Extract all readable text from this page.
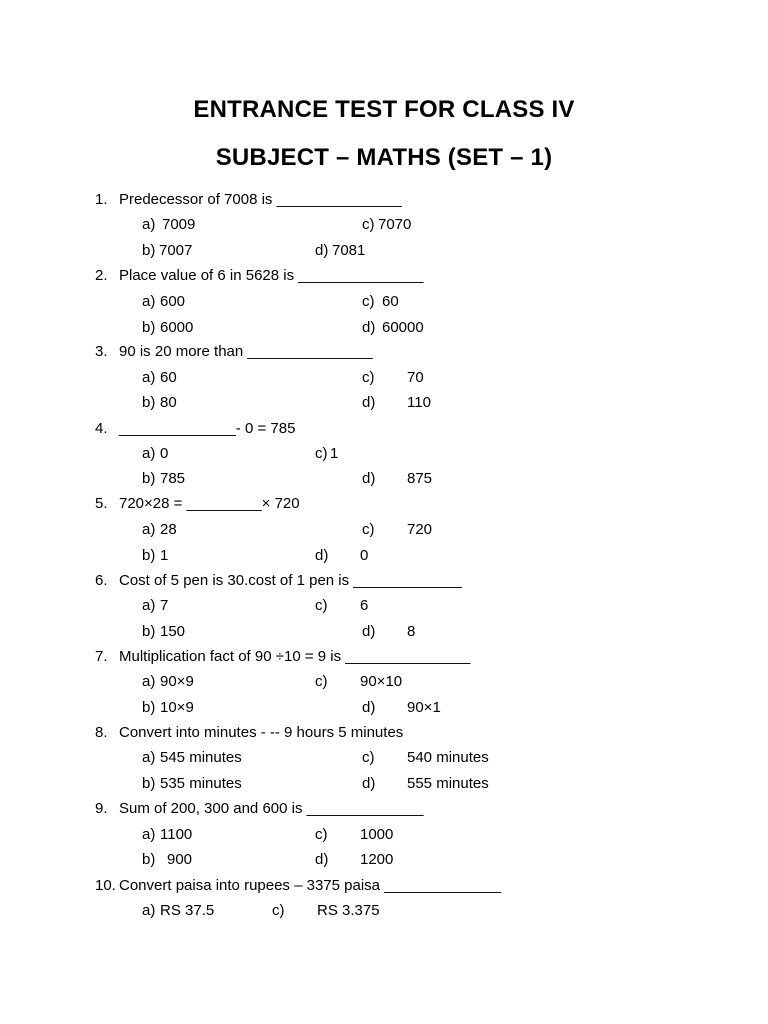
ENTRANCE TEST FOR CLASS IV
SUBJECT – MATHS (SET – 1)
1. Predecessor of 7008 is _______________
a) 7009	c) 7070
b) 7007	d) 7081
2. Place value of 6 in 5628 is _______________
a) 600	c) 60
b) 6000	d) 60000
3. 90 is 20 more than _______________
a) 60	c) 70
b) 80	d) 110
4. ______________- 0 = 785
a) 0	c) 1
b) 785	d) 875
5. 720×28 = _________× 720
a) 28	c) 720
b) 1	d) 0
6. Cost of 5 pen is 30.cost of 1 pen is _____________
a) 7	c) 6
b) 150	d) 8
7. Multiplication fact of 90 ÷10 = 9 is _______________
a) 90×9	c) 90×10
b) 10×9	d) 90×1
8. Convert into minutes - -- 9 hours 5 minutes
a) 545 minutes	c) 540 minutes
b) 535 minutes	d) 555 minutes
9. Sum of 200, 300 and 600 is ______________
a) 1100	c) 1000
b) 900	d) 1200
10. Convert paisa into rupees – 3375 paisa ______________
a) RS 37.5	c) RS 3.375
